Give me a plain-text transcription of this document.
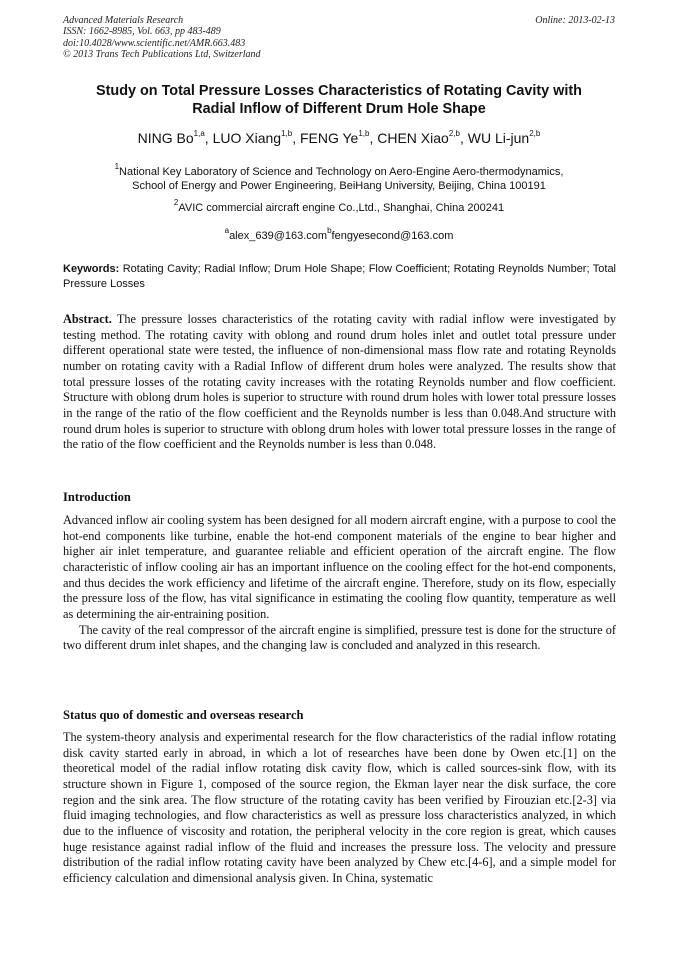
Advanced Materials Research
ISSN: 1662-8985, Vol. 663, pp 483-489
doi:10.4028/www.scientific.net/AMR.663.483
© 2013 Trans Tech Publications Ltd, Switzerland
Online: 2013-02-13
Study on Total Pressure Losses Characteristics of Rotating Cavity with
Radial Inflow of Different Drum Hole Shape
NING Bo$^{1,a}$, LUO Xiang$^{1,b}$, FENG Ye$^{1,b}$, CHEN Xiao$^{2,b}$, WU Li-jun$^{2,b}$
$^1$National Key Laboratory of Science and Technology on Aero-Engine Aero-thermodynamics,
School of Energy and Power Engineering, BeiHang University, Beijing, China 100191
$^2$AVIC commercial aircraft engine Co.,Ltd., Shanghai, China 200241
$^a$alex_639@163.com$^b$fengyesecond@163.com
Keywords: Rotating Cavity; Radial Inflow; Drum Hole Shape; Flow Coefficient; Rotating Reynolds Number; Total Pressure Losses
Abstract. The pressure losses characteristics of the rotating cavity with radial inflow were investigated by testing method. The rotating cavity with oblong and round drum holes inlet and outlet total pressure under different operational state were tested, the influence of non-dimensional mass flow rate and rotating Reynolds number on rotating cavity with a Radial Inflow of different drum holes were analyzed. The results show that total pressure losses of the rotating cavity increases with the rotating Reynolds number and flow coefficient. Structure with oblong drum holes is superior to structure with round drum holes with lower total pressure losses in the range of the ratio of the flow coefficient and the Reynolds number is less than 0.048.And structure with round drum holes is superior to structure with oblong drum holes with lower total pressure losses in the range of the ratio of the flow coefficient and the Reynolds number is less than 0.048.
Introduction

Advanced inflow air cooling system has been designed for all modern aircraft engine, with a purpose to cool the hot-end components like turbine, enable the hot-end component materials of the engine to bear higher and higher air inlet temperature, and guarantee reliable and efficient operation of the aircraft engine. The flow characteristic of inflow cooling air has an important influence on the cooling effect for the hot-end components, and thus decides the work efficiency and lifetime of the aircraft engine. Therefore, study on its flow, especially the pressure loss of the flow, has vital significance in estimating the cooling flow quantity, temperature as well as determining the air-entraining position.

The cavity of the real compressor of the aircraft engine is simplified, pressure test is done for the structure of two different drum inlet shapes, and the changing law is concluded and analyzed in this research.

Status quo of domestic and overseas research
The system-theory analysis and experimental research for the flow characteristics of the radial inflow rotating disk cavity started early in abroad, in which a lot of researches have been done by Owen etc.[1] on the theoretical model of the radial inflow rotating disk cavity flow, which is called sources-sink flow, with its structure shown in Figure 1, composed of the source region, the Ekman layer near the disk surface, the core region and the sink area. The flow structure of the rotating cavity has been verified by Firouzian etc.[2-3] via fluid imaging technologies, and flow characteristics as well as pressure loss characteristics analyzed, in which due to the influence of viscosity and rotation, the peripheral velocity in the core region is great, which causes huge resistance against radial inflow of the fluid and increases the pressure loss. The velocity and pressure distribution of the radial inflow rotating cavity have been analyzed by Chew etc.[4-6], and a simple model for efficiency calculation and dimensional analysis given. In China, systematic
